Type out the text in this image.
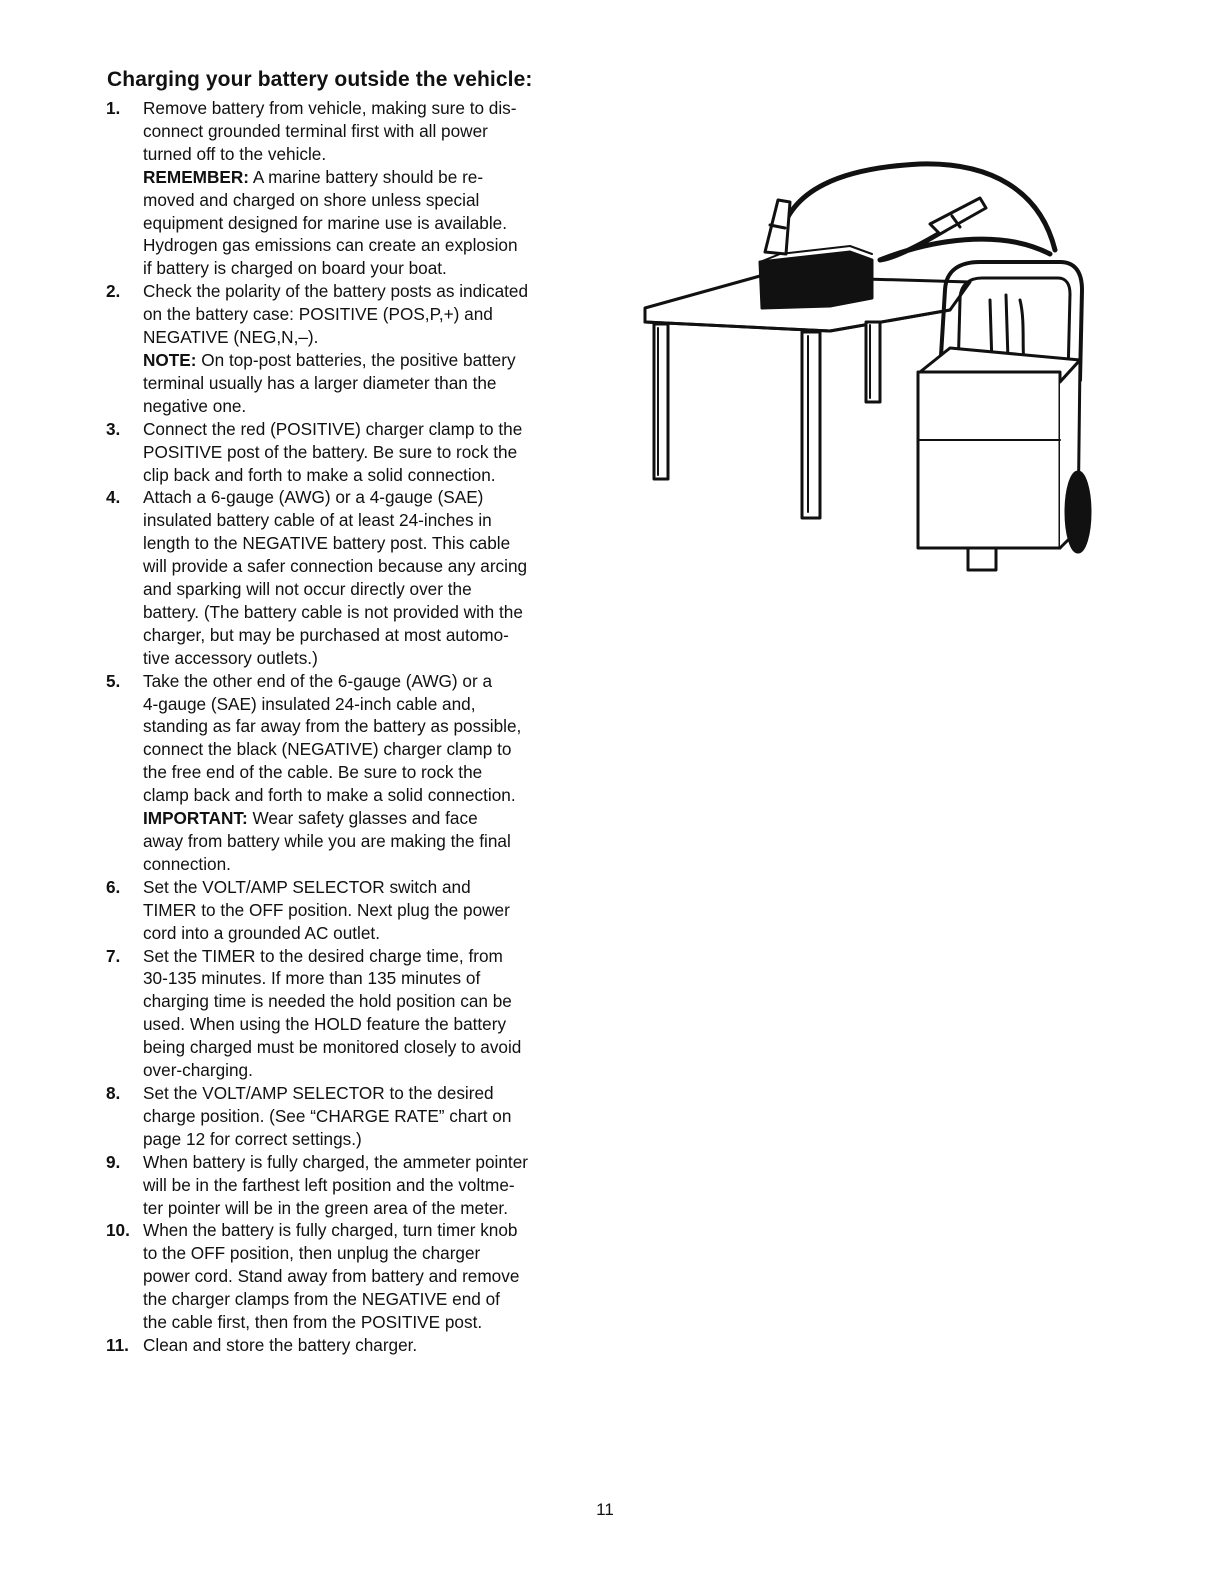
Charging your battery outside the vehicle:
1.	Remove battery from vehicle, making sure to dis-
connect grounded terminal first with all power
turned off to the vehicle.
REMEMBER: A marine battery should be re-
moved and charged on shore unless special
equipment designed for marine use is available.
Hydrogen gas emissions can create an explosion
if battery is charged on board your boat.
2.	Check the polarity of the battery posts as indicated
on the battery case: POSITIVE (POS,P,+) and
NEGATIVE (NEG,N,–).
NOTE: On top-post batteries, the positive battery
terminal usually has a larger diameter than the
negative one.
3.	Connect the red (POSITIVE) charger clamp to the
POSITIVE post of the battery. Be sure to rock the
clip back and forth to make a solid connection.
4.	Attach a 6-gauge (AWG) or a 4-gauge (SAE)
insulated battery cable of at least 24-inches in
length to the NEGATIVE battery post. This cable
will provide a safer connection because any arcing
and sparking will not occur directly over the
battery. (The battery cable is not provided with the
charger, but may be purchased at most automo-
tive accessory outlets.)
5.	Take the other end of the 6-gauge (AWG) or a
4-gauge (SAE) insulated 24-inch cable and,
standing as far away from the battery as possible,
connect the black (NEGATIVE) charger clamp to
the free end of the cable. Be sure to rock the
clamp back and forth to make a solid connection.
IMPORTANT: Wear safety glasses and face
away from battery while you are making the final
connection.
6.	Set the VOLT/AMP SELECTOR switch and
TIMER to the OFF position. Next plug the power
cord into a grounded AC outlet.
7.	Set the TIMER to the desired charge time, from
30-135 minutes. If more than 135 minutes of
charging time is needed the hold position can be
used. When using the HOLD feature the battery
being charged must be monitored closely to avoid
over-charging.
8.	Set the VOLT/AMP SELECTOR to the desired
charge position. (See “CHARGE RATE” chart on
page 12 for correct settings.)
9.	When battery is fully charged, the ammeter pointer
will be in the farthest left position and the voltme-
ter pointer will be in the green area of the meter.
10. When the battery is fully charged, turn timer knob
to the OFF position, then unplug the charger
power cord. Stand away from battery and remove
the charger clamps from the NEGATIVE end of
the cable first, then from the POSITIVE post.
11. Clean and store the battery charger.
11
